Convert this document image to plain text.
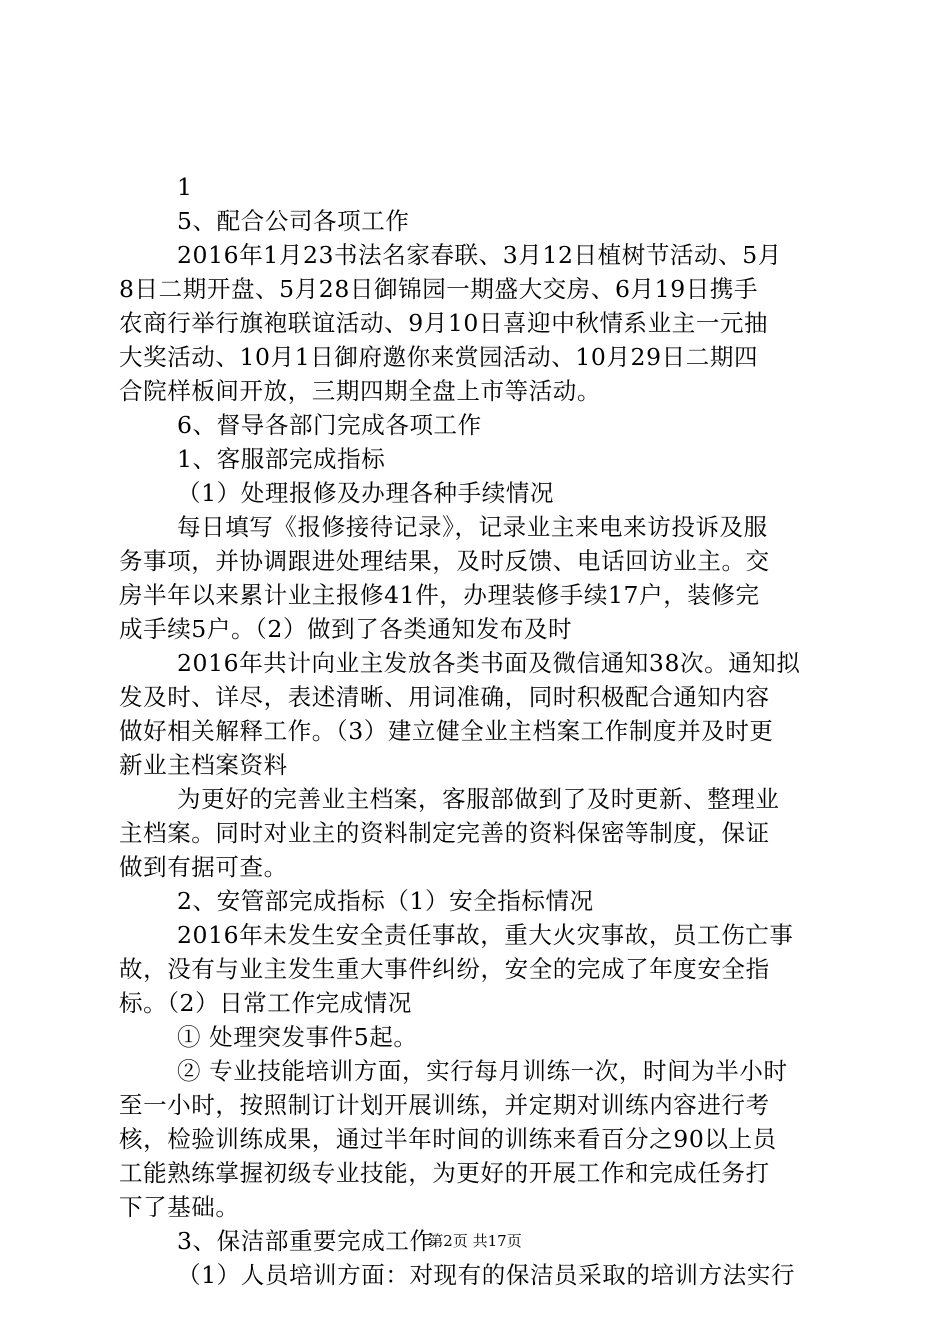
1
5、配合公司各项工作
2016年1月23书法名家春联、3月12日植树节活动、5月
8日二期开盘、5月28日御锦园一期盛大交房、6月19日携手
农商行举行旗袍联谊活动、9月10日喜迎中秋情系业主一元抽
大奖活动、10月1日御府邀你来赏园活动、10月29日二期四
合院样板间开放，三期四期全盘上市等活动。
6、督导各部门完成各项工作
1、客服部完成指标
（1）处理报修及办理各种手续情况
每日填写《报修接待记录》，记录业主来电来访投诉及服
务事项，并协调跟进处理结果，及时反馈、电话回访业主。交
房半年以来累计业主报修41件，办理装修手续17户，装修完
成手续5户。（2）做到了各类通知发布及时
2016年共计向业主发放各类书面及微信通知38次。通知拟
发及时、详尽，表述清晰、用词准确，同时积极配合通知内容
做好相关解释工作。（3）建立健全业主档案工作制度并及时更
新业主档案资料
为更好的完善业主档案，客服部做到了及时更新、整理业
主档案。同时对业主的资料制定完善的资料保密等制度，保证
做到有据可查。
2、安管部完成指标（1）安全指标情况
2016年未发生安全责任事故，重大火灾事故，员工伤亡事
故，没有与业主发生重大事件纠纷，安全的完成了年度安全指
标。（2）日常工作完成情况
① 处理突发事件5起。
② 专业技能培训方面，实行每月训练一次，时间为半小时
至一小时，按照制订计划开展训练，并定期对训练内容进行考
核，检验训练成果，通过半年时间的训练来看百分之90以上员
工能熟练掌握初级专业技能，为更好的开展工作和完成任务打
下了基础。
3、保洁部重要完成工作
（1）人员培训方面：对现有的保洁员采取的培训方法实行
第2页 共17页
